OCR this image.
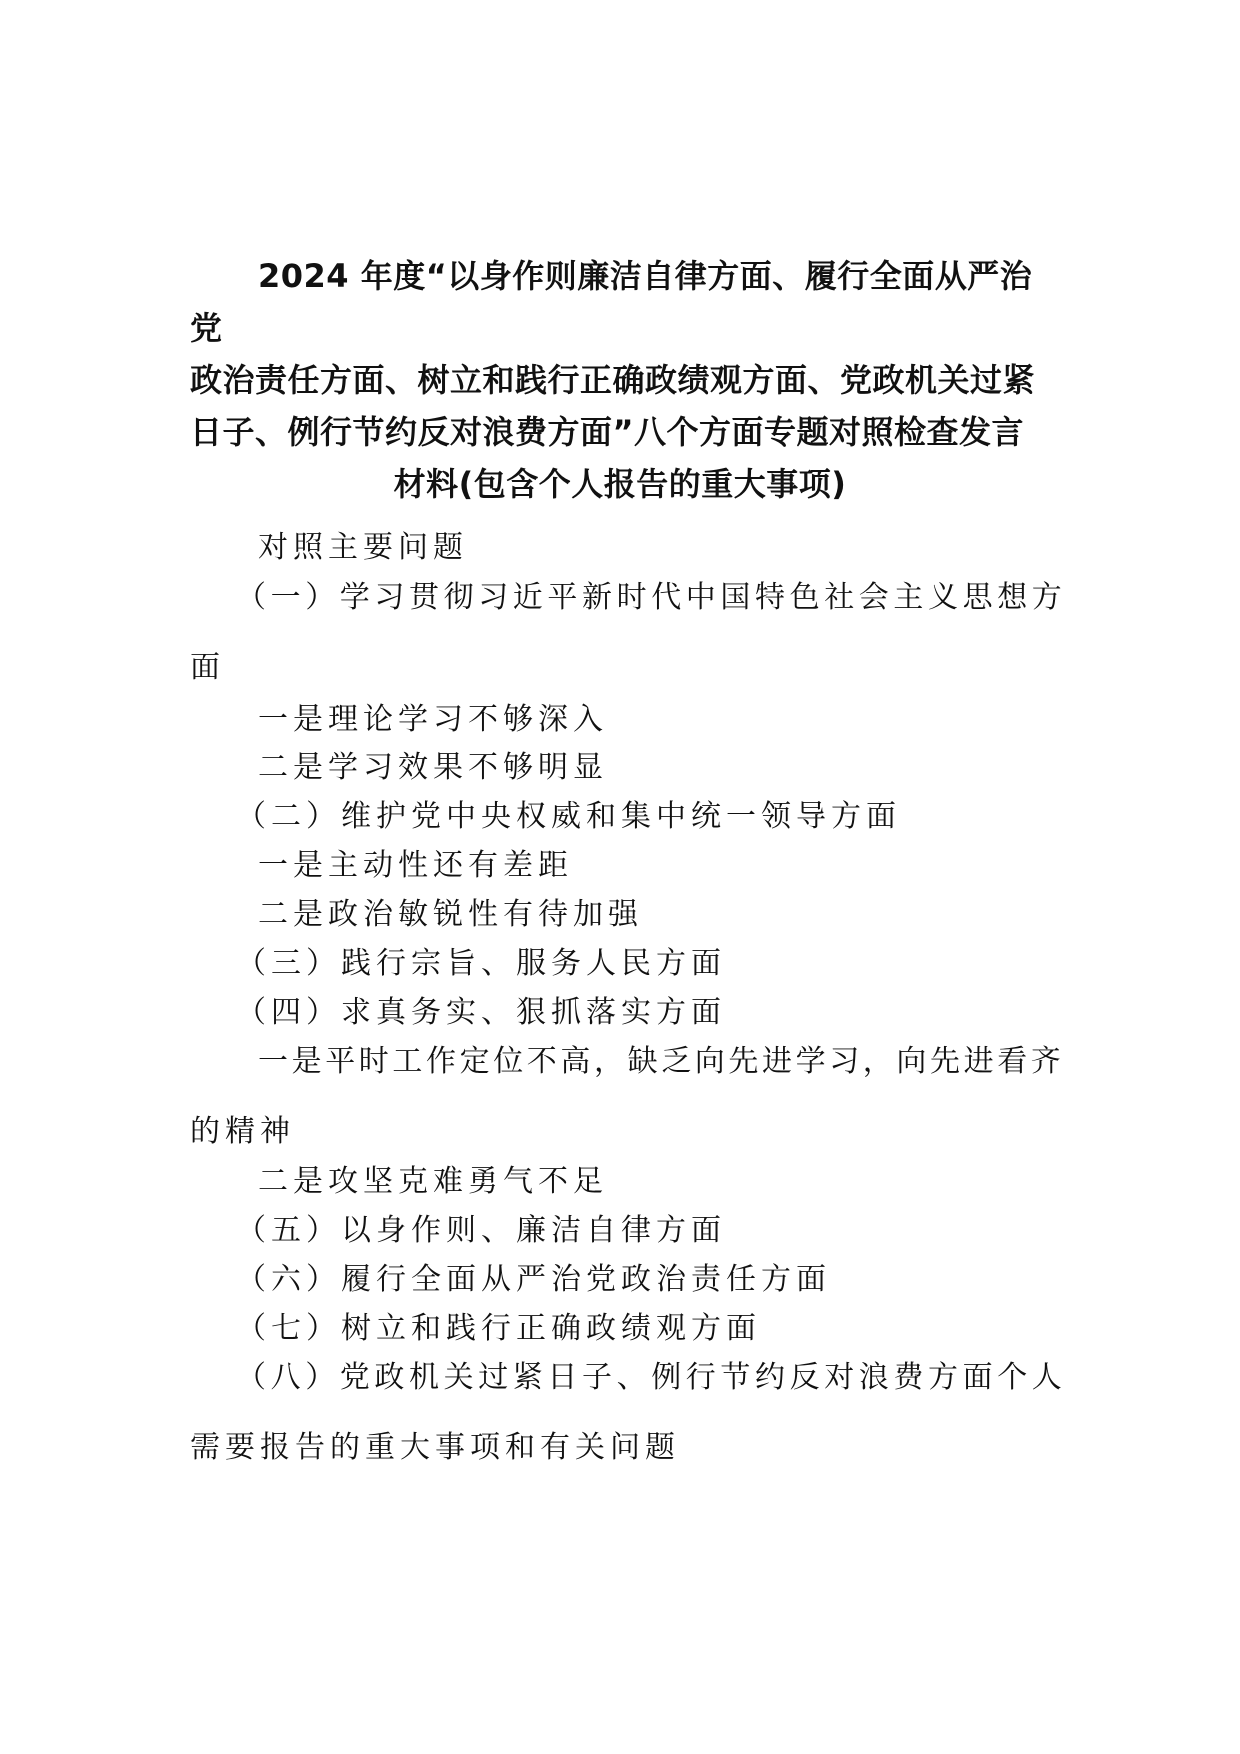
2024 年度“以身作则廉洁自律方面、履行全面从严治党
政治责任方面、树立和践行正确政绩观方面、党政机关过紧
日子、例行节约反对浪费方面”八个方面专题对照检查发言
材料(包含个人报告的重大事项)
对照主要问题
（一）学习贯彻习近平新时代中国特色社会主义思想方
面
一是理论学习不够深入
二是学习效果不够明显
（二）维护党中央权威和集中统一领导方面
一是主动性还有差距
二是政治敏锐性有待加强
（三）践行宗旨、服务人民方面
（四）求真务实、狠抓落实方面
一是平时工作定位不高，缺乏向先进学习，向先进看齐
的精神
二是攻坚克难勇气不足
（五）以身作则、廉洁自律方面
（六）履行全面从严治党政治责任方面
（七）树立和践行正确政绩观方面
（八）党政机关过紧日子、例行节约反对浪费方面个人
需要报告的重大事项和有关问题
